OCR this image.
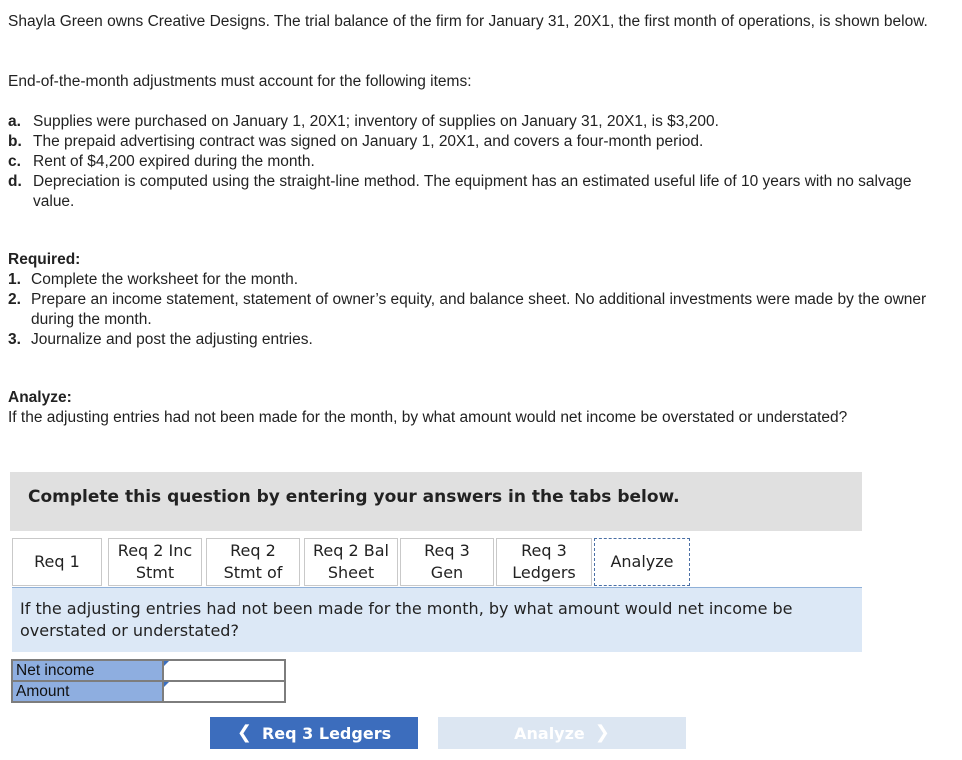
Shayla Green owns Creative Designs. The trial balance of the firm for January 31, 20X1, the first month of operations, is shown below.

End-of-the-month adjustments must account for the following items:

a. Supplies were purchased on January 1, 20X1; inventory of supplies on January 31, 20X1, is $3,200.
b. The prepaid advertising contract was signed on January 1, 20X1, and covers a four-month period.
c. Rent of $4,200 expired during the month.
d. Depreciation is computed using the straight-line method. The equipment has an estimated useful life of 10 years with no salvage value.
Required:
1. Complete the worksheet for the month.
2. Prepare an income statement, statement of owner’s equity, and balance sheet. No additional investments were made by the owner during the month.
3. Journalize and post the adjusting entries.
Analyze:
If the adjusting entries had not been made for the month, by what amount would net income be overstated or understated?
Complete this question by entering your answers in the tabs below.
Req 1
Req 2 Inc
Stmt
Req 2
Stmt of
Req 2 Bal
Sheet
Req 3
Gen
Req 3
Ledgers
Analyze
If the adjusting entries had not been made for the month, by what amount would net income be overstated or understated?
Net income	

Amount	
❮ Req 3 Ledgers	Analyze ❯
